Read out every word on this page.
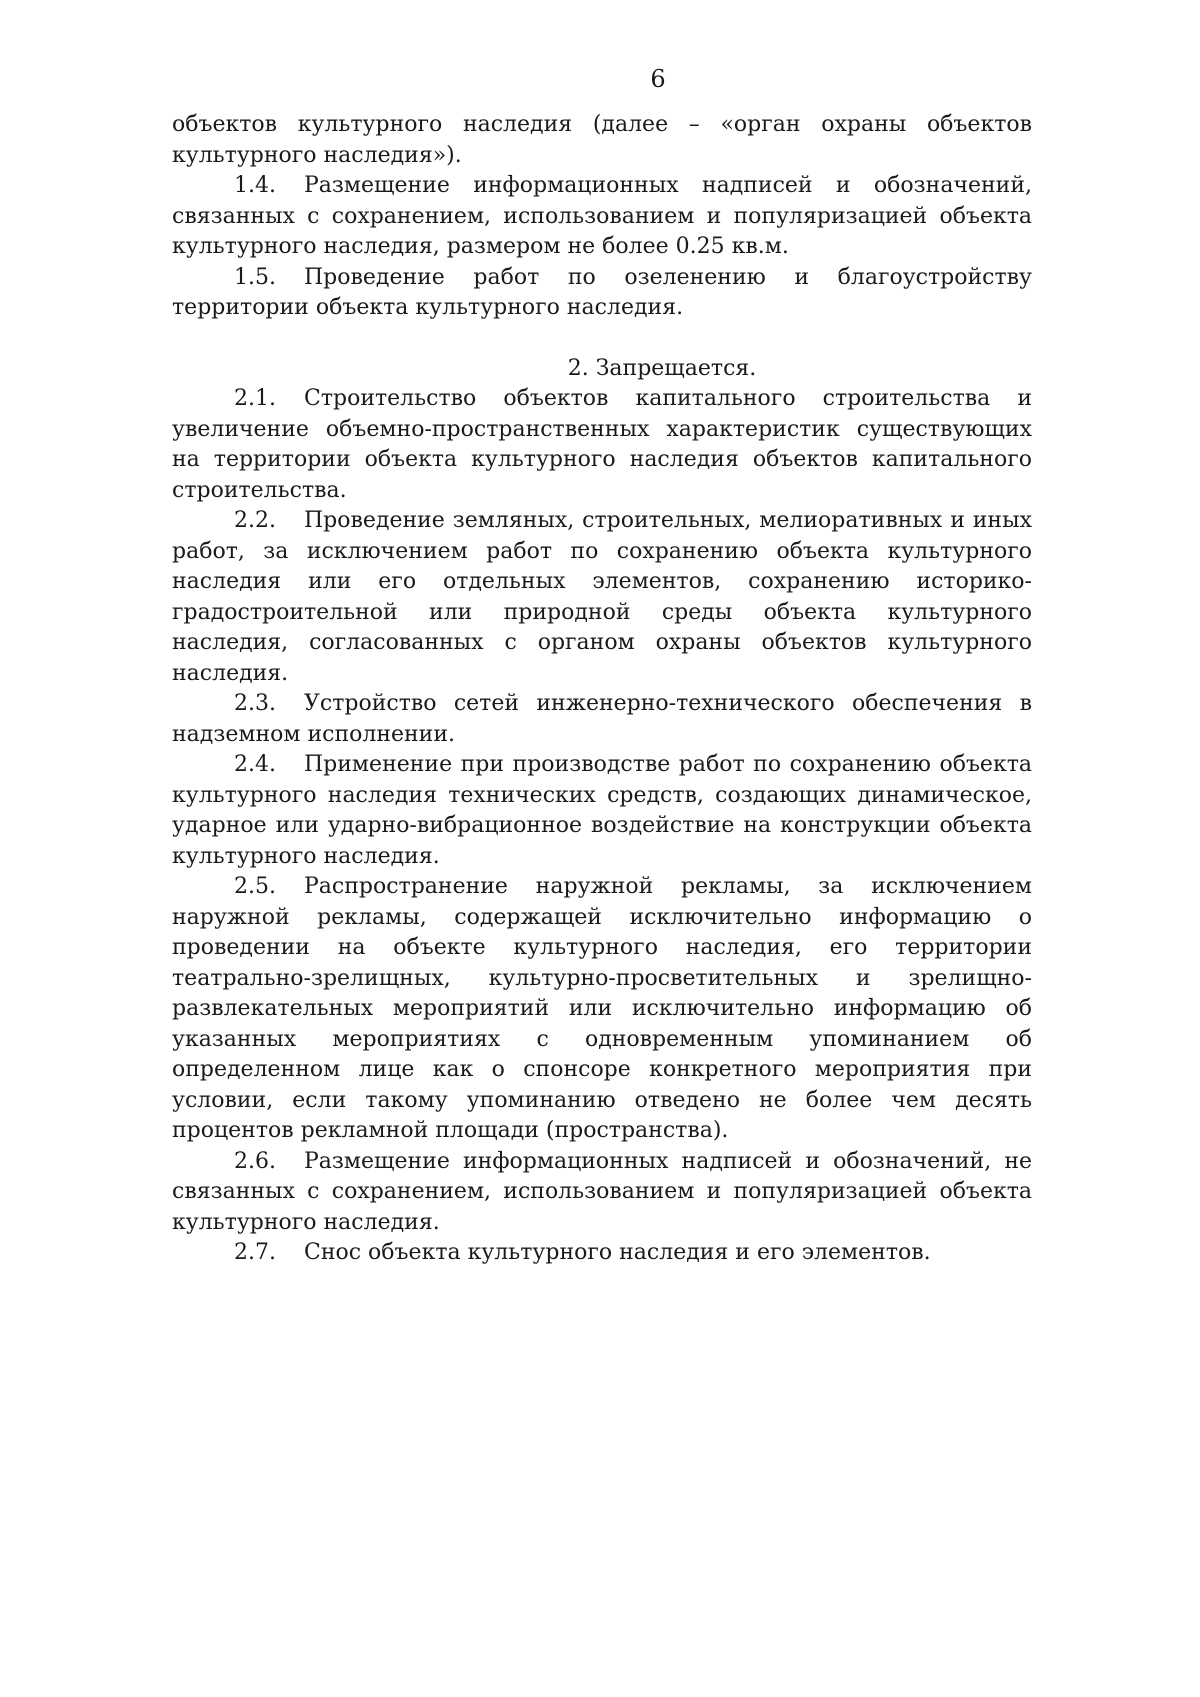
6

объектов культурного наследия (далее – «орган охраны объектов культурного наследия»).

1.4. Размещение информационных надписей и обозначений, связанных с сохранением, использованием и популяризацией объекта культурного наследия, размером не более 0.25 кв.м.

1.5. Проведение работ по озеленению и благоустройству территории объекта культурного наследия.

2. Запрещается.

2.1. Строительство объектов капитального строительства и увеличение объемно-пространственных характеристик существующих на территории объекта культурного наследия объектов капитального строительства.

2.2. Проведение земляных, строительных, мелиоративных и иных работ, за исключением работ по сохранению объекта культурного наследия или его отдельных элементов, сохранению историко-градостроительной или природной среды объекта культурного наследия, согласованных с органом охраны объектов культурного наследия.

2.3. Устройство сетей инженерно-технического обеспечения в надземном исполнении.

2.4. Применение при производстве работ по сохранению объекта культурного наследия технических средств, создающих динамическое, ударное или ударно-вибрационное воздействие на конструкции объекта культурного наследия.

2.5. Распространение наружной рекламы, за исключением наружной рекламы, содержащей исключительно информацию о проведении на объекте культурного наследия, его территории театрально-зрелищных, культурно-просветительных и зрелищно-развлекательных мероприятий или исключительно информацию об указанных мероприятиях с одновременным упоминанием об определенном лице как о спонсоре конкретного мероприятия при условии, если такому упоминанию отведено не более чем десять процентов рекламной площади (пространства).

2.6. Размещение информационных надписей и обозначений, не связанных с сохранением, использованием и популяризацией объекта культурного наследия.

2.7. Снос объекта культурного наследия и его элементов.
